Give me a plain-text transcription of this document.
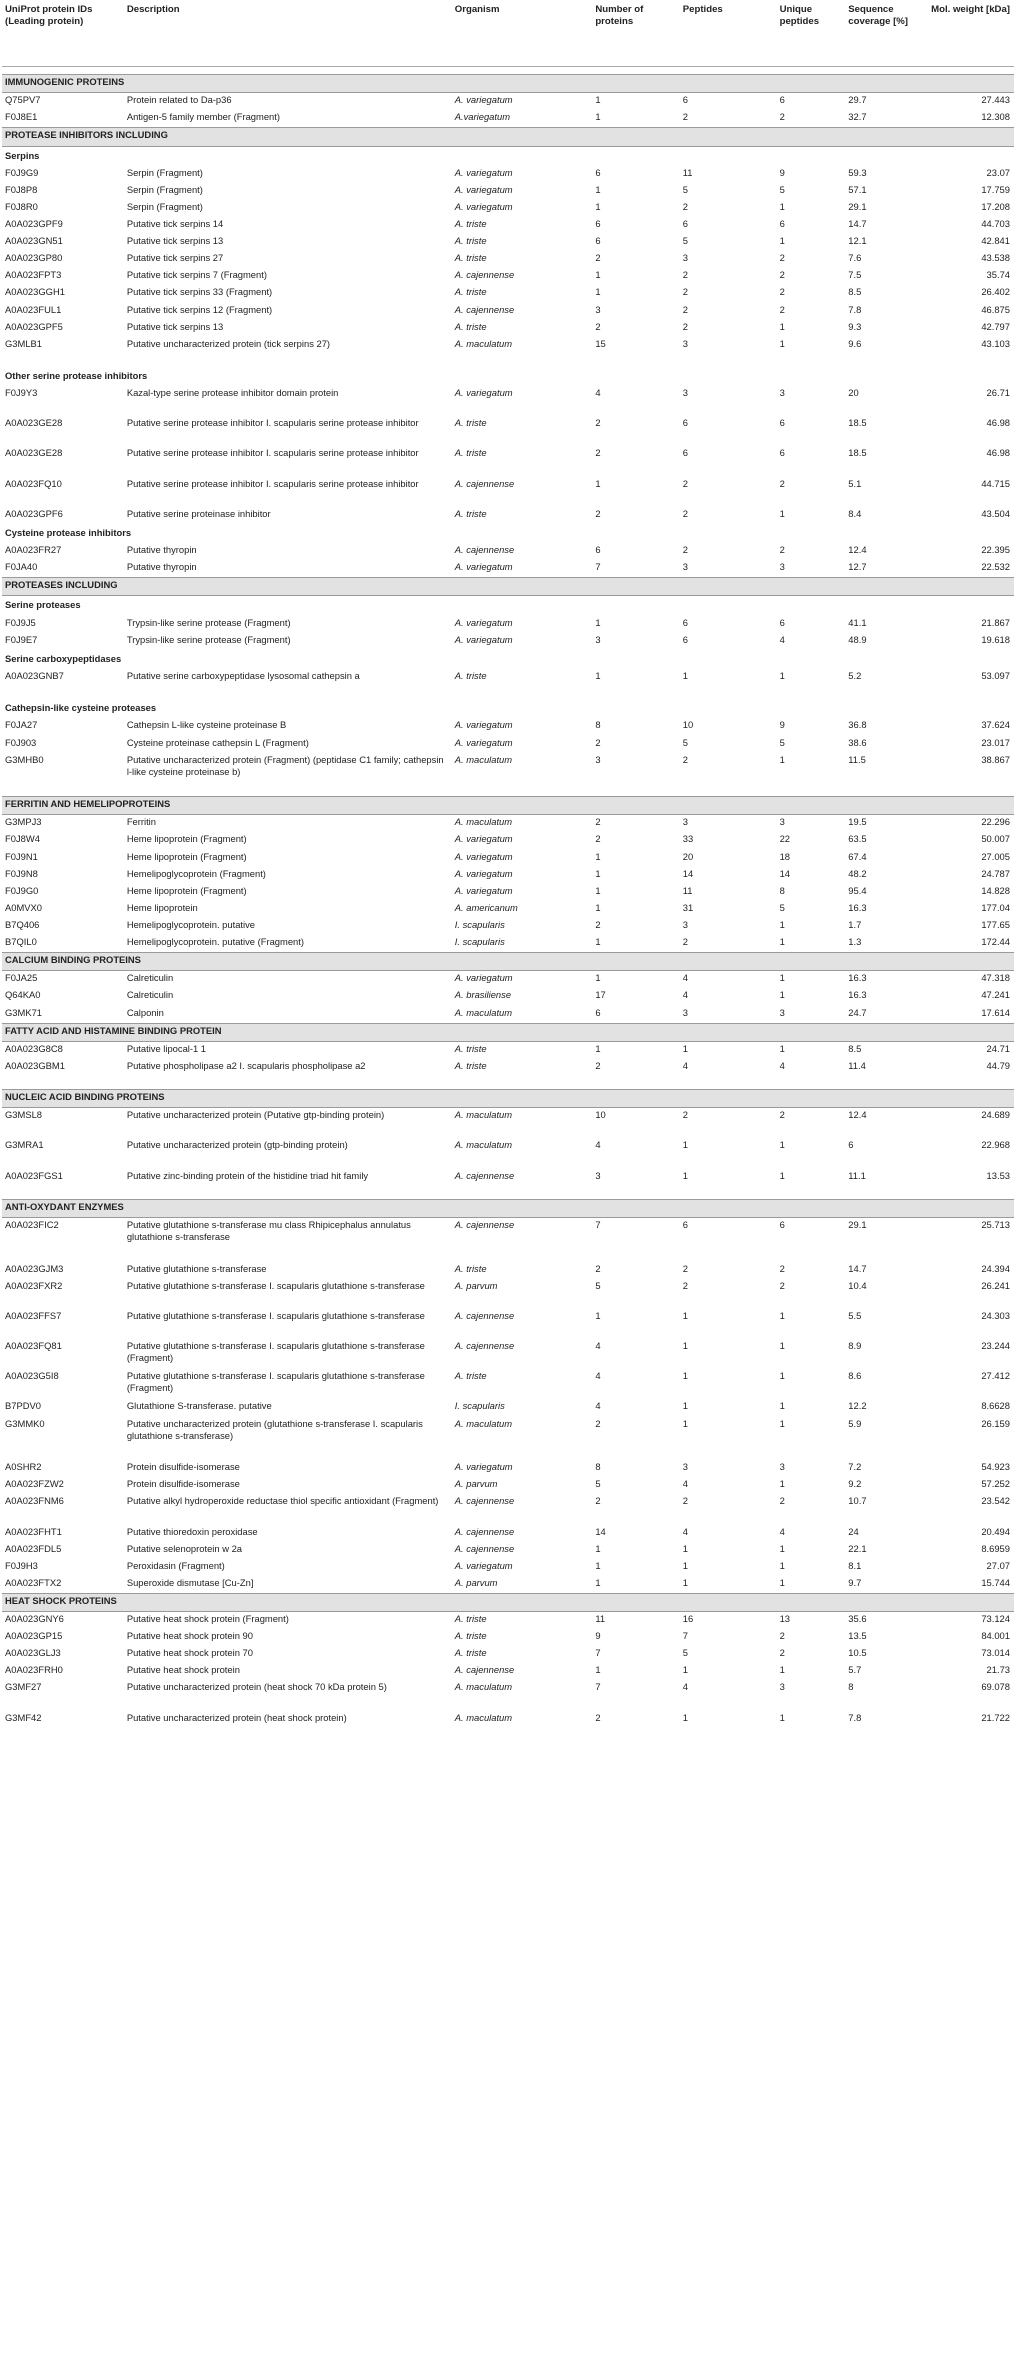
UniProt protein IDs (Leading protein)	Description	Organism	Number of proteins	Peptides	Unique peptides	Sequence coverage [%]	Mol. weight [kDa]

IMMUNOGENIC PROTEINS							
Q75PV7	Protein related to Da-p36	A. variegatum	1	6	6	29.7	27.443
F0J8E1	Antigen-5 family member (Fragment)	A.variegatum	1	2	2	32.7	12.308
PROTEASE INHIBITORS INCLUDING							
Serpins							
F0J9G9	Serpin (Fragment)	A. variegatum	6	11	9	59.3	23.07
F0J8P8	Serpin (Fragment)	A. variegatum	1	5	5	57.1	17.759
F0J8R0	Serpin (Fragment)	A. variegatum	1	2	1	29.1	17.208
A0A023GPF9	Putative tick serpins 14	A. triste	6	6	6	14.7	44.703
A0A023GN51	Putative tick serpins 13	A. triste	6	5	1	12.1	42.841
A0A023GP80	Putative tick serpins 27	A. triste	2	3	2	7.6	43.538
A0A023FPT3	Putative tick serpins 7 (Fragment)	A. cajennense	1	2	2	7.5	35.74
A0A023GGH1	Putative tick serpins 33 (Fragment)	A. triste	1	2	2	8.5	26.402
A0A023FUL1	Putative tick serpins 12 (Fragment)	A. cajennense	3	2	2	7.8	46.875
A0A023GPF5	Putative tick serpins 13	A. triste	2	2	1	9.3	42.797
G3MLB1	Putative uncharacterized protein (tick serpins 27)	A. maculatum	15	3	1	9.6	43.103
Other serine protease inhibitors							
F0J9Y3	Kazal-type serine protease inhibitor domain protein	A. variegatum	4	3	3	20	26.71
A0A023GE28	Putative serine protease inhibitor I. scapularis serine protease inhibitor	A. triste	2	6	6	18.5	46.98
A0A023GE28	Putative serine protease inhibitor I. scapularis serine protease inhibitor	A. triste	2	6	6	18.5	46.98
A0A023FQ10	Putative serine protease inhibitor I. scapularis serine protease inhibitor	A. cajennense	1	2	2	5.1	44.715
A0A023GPF6	Putative serine proteinase inhibitor	A. triste	2	2	1	8.4	43.504
Cysteine protease inhibitors							
A0A023FR27	Putative thyropin	A. cajennense	6	2	2	12.4	22.395
F0JA40	Putative thyropin	A. variegatum	7	3	3	12.7	22.532
PROTEASES INCLUDING							
Serine proteases							
F0J9J5	Trypsin-like serine protease (Fragment)	A. variegatum	1	6	6	41.1	21.867
F0J9E7	Trypsin-like serine protease (Fragment)	A. variegatum	3	6	4	48.9	19.618
Serine carboxypeptidases							
A0A023GNB7	Putative serine carboxypeptidase lysosomal cathepsin a	A. triste	1	1	1	5.2	53.097
Cathepsin-like cysteine proteases							
F0JA27	Cathepsin L-like cysteine proteinase B	A. variegatum	8	10	9	36.8	37.624
F0J903	Cysteine proteinase cathepsin L (Fragment)	A. variegatum	2	5	5	38.6	23.017
G3MHB0	Putative uncharacterized protein (Fragment) (peptidase C1 family; cathepsin l-like cysteine proteinase b)	A. maculatum	3	2	1	11.5	38.867
FERRITIN AND HEMELIPOPROTEINS							
G3MPJ3	Ferritin	A. maculatum	2	3	3	19.5	22.296
F0J8W4	Heme lipoprotein (Fragment)	A. variegatum	2	33	22	63.5	50.007
F0J9N1	Heme lipoprotein (Fragment)	A. variegatum	1	20	18	67.4	27.005
F0J9N8	Hemelipoglycoprotein (Fragment)	A. variegatum	1	14	14	48.2	24.787
F0J9G0	Heme lipoprotein (Fragment)	A. variegatum	1	11	8	95.4	14.828
A0MVX0	Heme lipoprotein	A. americanum	1	31	5	16.3	177.04
B7Q406	Hemelipoglycoprotein. putative	I. scapularis	2	3	1	1.7	177.65
B7QIL0	Hemelipoglycoprotein. putative (Fragment)	I. scapularis	1	2	1	1.3	172.44
CALCIUM BINDING PROTEINS							
F0JA25	Calreticulin	A. variegatum	1	4	1	16.3	47.318
Q64KA0	Calreticulin	A. brasiliense	17	4	1	16.3	47.241
G3MK71	Calponin	A. maculatum	6	3	3	24.7	17.614
FATTY ACID AND HISTAMINE BINDING PROTEIN							
A0A023G8C8	Putative lipocal-1 1	A. triste	1	1	1	8.5	24.71
A0A023GBM1	Putative phospholipase a2 I. scapularis phospholipase a2	A. triste	2	4	4	11.4	44.79
NUCLEIC ACID BINDING PROTEINS							
G3MSL8	Putative uncharacterized protein (Putative gtp-binding protein)	A. maculatum	10	2	2	12.4	24.689
G3MRA1	Putative uncharacterized protein (gtp-binding protein)	A. maculatum	4	1	1	6	22.968
A0A023FGS1	Putative zinc-binding protein of the histidine triad hit family	A. cajennense	3	1	1	11.1	13.53
ANTI-OXYDANT ENZYMES							
A0A023FIC2	Putative glutathione s-transferase mu class Rhipicephalus annulatus glutathione s-transferase	A. cajennense	7	6	6	29.1	25.713
A0A023GJM3	Putative glutathione s-transferase	A. triste	2	2	2	14.7	24.394
A0A023FXR2	Putative glutathione s-transferase I. scapularis glutathione s-transferase	A. parvum	5	2	2	10.4	26.241
A0A023FFS7	Putative glutathione s-transferase I. scapularis glutathione s-transferase	A. cajennense	1	1	1	5.5	24.303
A0A023FQ81	Putative glutathione s-transferase I. scapularis glutathione s-transferase (Fragment)	A. cajennense	4	1	1	8.9	23.244
A0A023G5I8	Putative glutathione s-transferase I. scapularis glutathione s-transferase (Fragment)	A. triste	4	1	1	8.6	27.412
B7PDV0	Glutathione S-transferase. putative	I. scapularis	4	1	1	12.2	8.6628
G3MMK0	Putative uncharacterized protein (glutathione s-transferase I. scapularis glutathione s-transferase)	A. maculatum	2	1	1	5.9	26.159
A0SHR2	Protein disulfide-isomerase	A. variegatum	8	3	3	7.2	54.923
A0A023FZW2	Protein disulfide-isomerase	A. parvum	5	4	1	9.2	57.252
A0A023FNM6	Putative alkyl hydroperoxide reductase thiol specific antioxidant (Fragment)	A. cajennense	2	2	2	10.7	23.542
A0A023FHT1	Putative thioredoxin peroxidase	A. cajennense	14	4	4	24	20.494
A0A023FDL5	Putative selenoprotein w 2a	A. cajennense	1	1	1	22.1	8.6959
F0J9H3	Peroxidasin (Fragment)	A. variegatum	1	1	1	8.1	27.07
A0A023FTX2	Superoxide dismutase [Cu-Zn]	A. parvum	1	1	1	9.7	15.744
HEAT SHOCK PROTEINS							
A0A023GNY6	Putative heat shock protein (Fragment)	A. triste	11	16	13	35.6	73.124
A0A023GP15	Putative heat shock protein 90	A. triste	9	7	2	13.5	84.001
A0A023GLJ3	Putative heat shock protein 70	A. triste	7	5	2	10.5	73.014
A0A023FRH0	Putative heat shock protein	A. cajennense	1	1	1	5.7	21.73
G3MF27	Putative uncharacterized protein (heat shock 70 kDa protein 5)	A. maculatum	7	4	3	8	69.078
G3MF42	Putative uncharacterized protein (heat shock protein)	A. maculatum	2	1	1	7.8	21.722
